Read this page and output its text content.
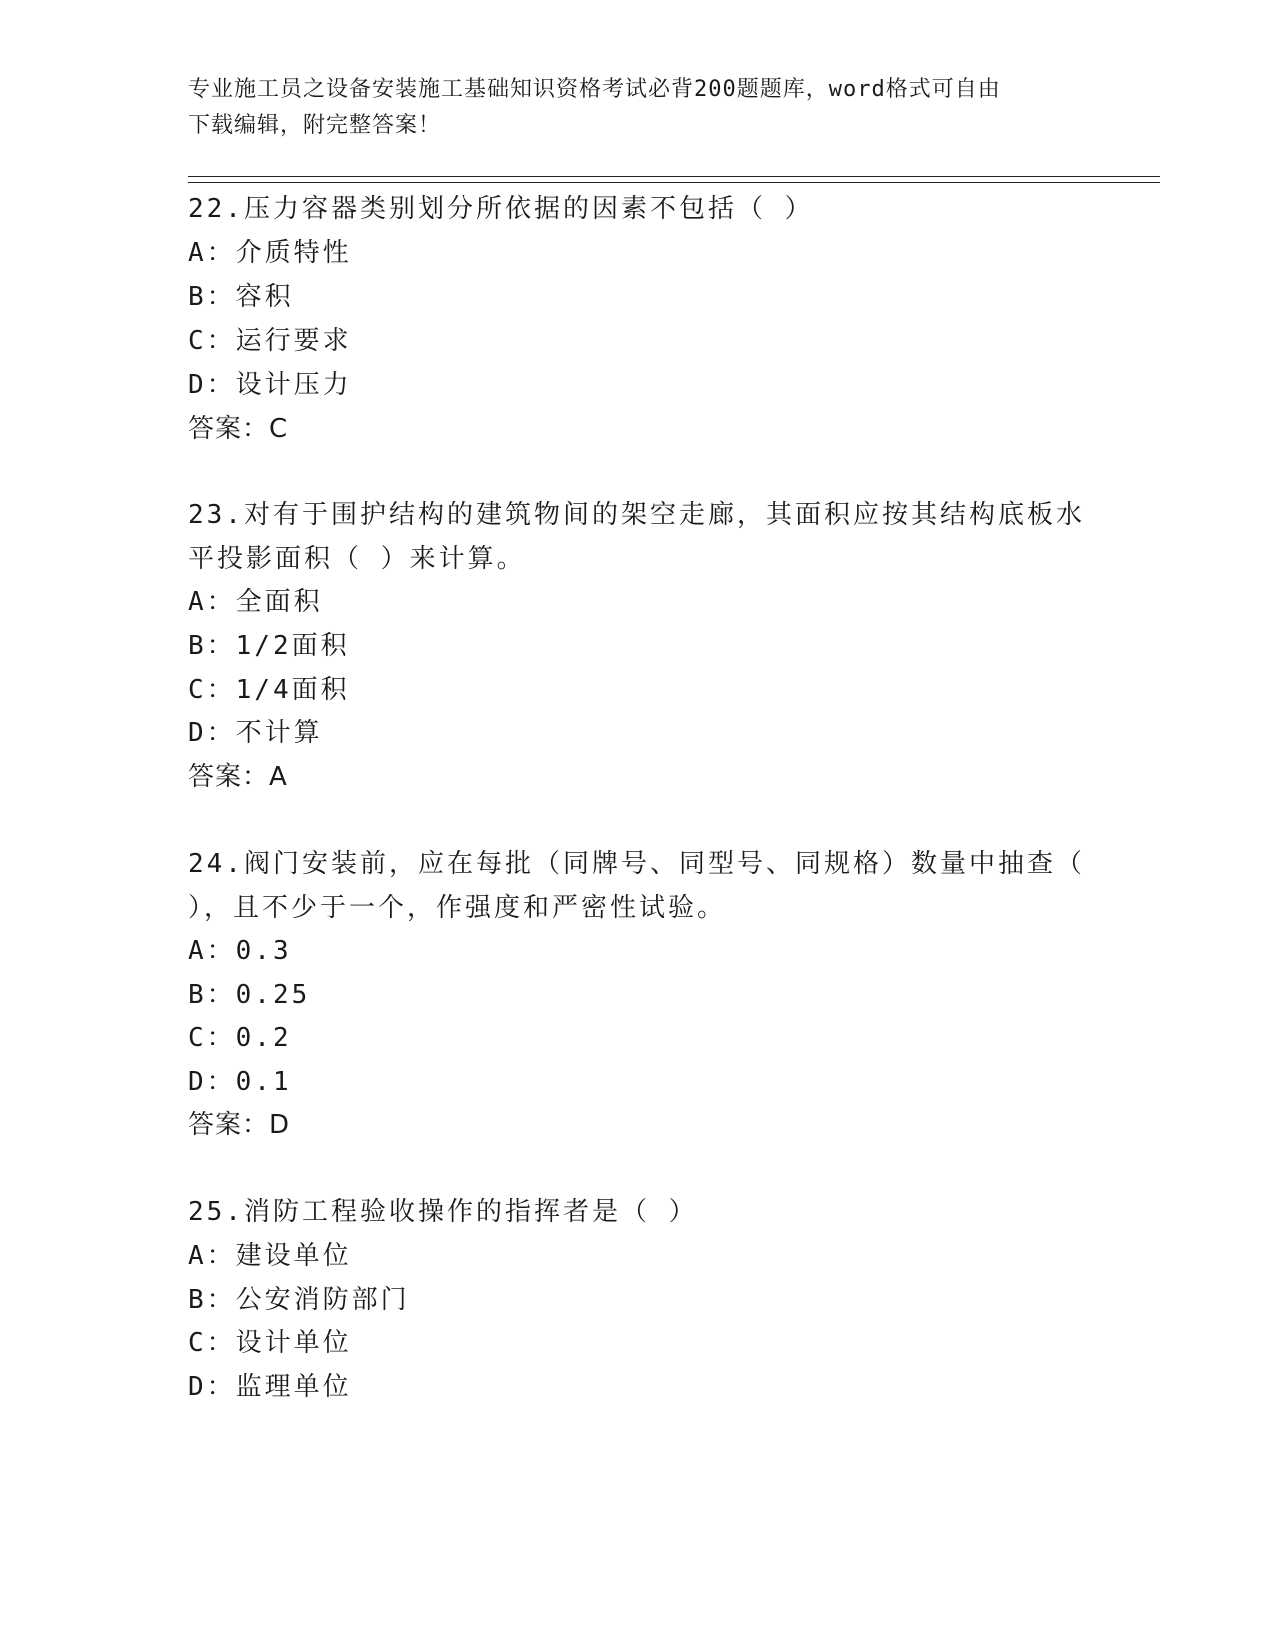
专业施工员之设备安装施工基础知识资格考试必背200题题库，word格式可自由
下载编辑，附完整答案！
22.压力容器类别划分所依据的因素不包括（ ）
A：介质特性
B：容积
C：运行要求
D：设计压力
答案：C
23.对有于围护结构的建筑物间的架空走廊，其面积应按其结构底板水
平投影面积（ ）来计算。
A：全面积
B：1/2面积
C：1/4面积
D：不计算
答案：A
24.阀门安装前，应在每批（同牌号、同型号、同规格）数量中抽查（
），且不少于一个，作强度和严密性试验。
A：0.3
B：0.25
C：0.2
D：0.1
答案：D
25.消防工程验收操作的指挥者是（ ）
A：建设单位
B：公安消防部门
C：设计单位
D：监理单位
